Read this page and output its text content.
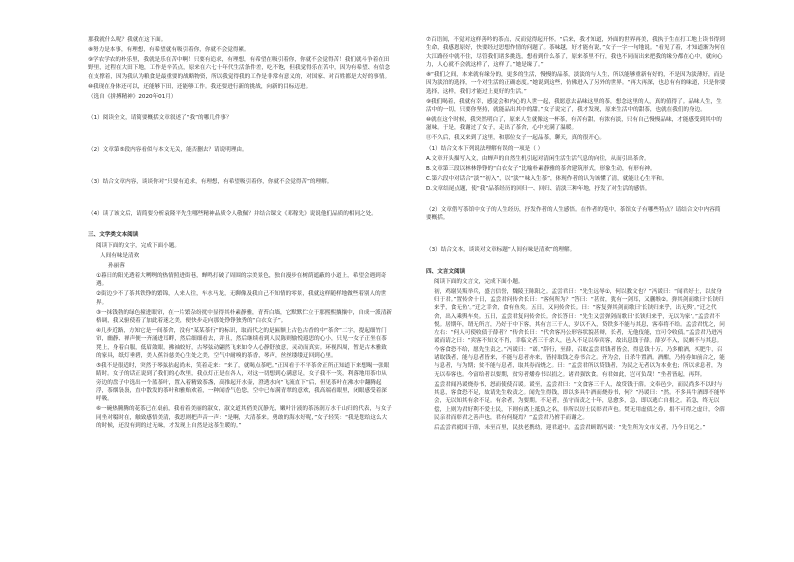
那我就什么呢？我就在这下面。

⑧努力是本事，有理想，有希望就有吸引着你，你就不会觉得累。

⑨学农学农的朴乐里，我就是乐在苦中啊！只要有追求，有理想，有希望在吸引着你，你就不会觉得苦！我们就斗争着在田野里，过程在大田下地，工作是辛苦点，原来在六七十年代生活条件差，吃不饱，但我觉得乐在苦中，因为有希望、有信念在支撑着，因为我认为粮食是最重要的战略物资，所以我觉得我的工作是非常有意义的，对国家、对百姓都是大好的事情。

⑩我现在身体还可以，还能够下田，还能够工作。我还要进行新的挑战，向新的目标迈进。

（选自《拼搏精神》2020年01月）

（1）阅读全文，请简要概括文章叙述了“我”的哪几件事？

（2）文章第⑤段内容看似与本文无关，能否删去？请说明理由。

（3）结合文章内容，谈谈你对“只要有追求，有理想，有希望吸引着你，你就不会觉得苦”的理解。

（4）读了该文后，请简要分析袁隆平先生哪些精神品质令人敬佩？并结合课文《邓稼先》说说他们品质的相同之处。

三、文学类文本阅读

阅读下面的文字，完成下面小题。

人间有味是清欢

孙丽蓉

①暮日的阳光透着大咧咧的热情照进街巷，蝉鸣打破了周围的宗美景色，独自漫步在树荫遮蔽的小道上，希望会遇到奇遇。

②街边少不了茶其铁铮的繁锦，人来人往，车水马龙，无聊像及我自己不知情的零景，我就这样随样地做些着别人的世界。

③一抹钱勃的绿色撞进眼帘，在一片繁杂纷扰中显得其朴素静雅，青苔白墙，它默默伫立于那熙熙攘攘中，自成一派清新格调，我又驱使着了加此着迷之美，便快步走向那处铮铮独秀的“白衣女子”。

④几步近路，方知它是一间茶舍，没有“某某茶行”的标识，取而代之的是匾额上古色古香的中“茶舍”二字，提起细竹门帘，幽静、禅声便一齐涌进耳畔，然后细细看去，并且，然后继续看到人民陈则愉悦遐思的心小，只见一女子正坐在茶凳上，身着白服，低眉敛眼，拂袖姣好，古琴弦动翩然飞来如令人心静舒放意，灵动而真实。环视四周，暂是古木雅致的家具，纸灯垂碧，美人蕉谷慈美心生处之美，空气中耐嗅的茶香，琴声，丝丝缕缕迂回到心里。

⑤我不是很适时，突然于琴弦拈起尚未，笑着走来：“来了，就喝点茶吧。”正因看于不平茶舍正所正知道下来想喝一张眼睛时。女子的话正说到了我们的心坎里，我点灯正是在各人，对这一切想到心满意足，女子我不一笑，利落地用茶巾从旁边的盘子中选出一个蓝茶叶，置入着精致茶盏，高推起开水壶，澄透水向“飞流直下”后，但见茶叶在沸水中翻腾起浮，茶烟袅袅，直中散发的茶叶和雅贻欢着，一种闻香气色您，空中已布满青翠的意欢，我高端看眼里，闭眼感受着深呼吸。

⑥一碗热腾腾的花茶已在桌前，我看着美丽的淑女，淑文道其俏美沉静光，嫩叶汁液的茶汤润万水千山归的代表，与女子同坐对啜时在，触致感悟美清，我思则把声音一声：“是啊，大清茶来。勇敢的海水好呢，”女子轻笑：“我是您给这么大的时候，还没有到的过无味，才发现上自然是这茶生暖的。”

⑦百语间，不觉对这样善吟的茶点，反而觉得起开怀。“后来，我才知道，外面的世界再美，我执于生在打工地上读书得到生命，我感恩原好，快要经过思想作情的问题了。茶味越，好才能有说，”女子一字一句地说。“看见了着，才知道渐为何在大江路径中就不住，尽管我们诸多挑选，想看到什么茶了，原来茶里不行，我也不同而出来把我的缘分都在心中，就向心力，人心就不会就这样了，这样了。”她是缘了。”

⑧“我们之间，本来就有缘分的，更多的生活，慢慢的品茶，淡淡的与人生，所以能够重新有好的，不是因为淡薄好，而是因为淡泊的选择，一个对生活的正确态度。”她说到这些，仿佛进入了另外的世界。“再大再深，也总有有的味道，只是你要选择，这样，我们才能过上更好的生活。”

⑨我们喝着，我就有幸，感觉会和内心的人世一起，我愿意去品味这里的茶，想念这里的人，真的值得了。品味人生，生活中的一切，只要你坚持，就能品出其中的甜。”女子说完了，我才发现，原来生活中的甜茶，也就在我们的身边。

⑩就在这个时候，我突然明白了，原来人生就像这一杯茶，有苦有甜，有浓有淡，只有自己慢慢品味，才能感受到其中的滋味。于是，我谢过了女子，走出了茶舍，心中充满了温暖。

⑪不久后，我又来到了这里，和那位女子一起品茶，聊天，真的很开心。

（1）结合文本下列说法理解有误的一项是（ ）

A.文章开头描写入文，由蝉声的自然生机引起对清闲生活生活气息的向往，从而引出茶舍。

B.文章第三段以林林铮铮的“白衣女子”比喻朴素静雅的茶舍建筑形式，形象生动，有形有神。

C.第六段中对话合“淡”“初入”，以“淡”“味入生茶”，体现作者的认为该懂了清，就能让心生平和。

D.文章结尾点题，使“我”品茶经历的回归一、回归、清淡三种年地，抒发了对生活的感悟。

（2）文章借写茶馆中女子的人生经历，抒发作者的人生感悟。在作者的笔中，茶馆女子有哪些特点？请结合文中内容简要概括。

（3）结合文本，谈谈对文章标题“人间有味是清欢”的理解。

四、文言文阅读

阅读下面的文言文，完成下面小题。

初，鸡谢吴叛举兵，盛言信誉，魏陵王陈阳之。孟尝君曰：“先生远辱①，何以教文也？”冯谖曰：“闻君好士，以贫身归于君。”置传舍十日，孟尝君问传舍长曰：“客何所为？”答曰：“甚贫，犹有一剑耳，又蒯缑②。弹其剑而歌曰‘长铗归来乎，食无鱼’。”迁之幸舍，食有鱼矣。五日，又问传舍长。曰：“客复弹其剑而歌曰‘长铗归来乎，出无舆’。”迁之代舍，出入乘舆车矣。五日，孟尝君复问传舍长。舍长答曰：“先生又尝弹剑而歌曰‘长铗归来乎，无以为家’。”孟尝君不悦。居期年，谓无所言，乃好于中下客，其有言三千人，岁以不入，贷铁多不能与其息，客奉将不给。孟尝君忧之，问左右：“何人可使收债于薛者？”传舍长曰：“代舍客冯公形容状貌甚辩，长者，无他伎能，宜可令收债。”孟尝君乃进冯谖而请之曰：“宾客不知文不肖，幸临文者三千余人，邑入不足以奉宾客，故出息钱于薛。薛岁不入，民颇不与其息。今客食恐不给，愿先生责之。”冯谖曰：“诺。”辞行，至薛，召取孟尝君钱者皆会，得息钱十万。乃多酿酒，买肥牛，召诸取钱者，能与息者皆来，不能与息者亦来，皆持取钱之券书合之。齐为会，日杀牛置酒。酒酣，乃持券如前合之，能与息者，与为期；贫不能与息者，取其券而烧之。曰：“孟尝君所以贷钱者，为民之无者以为本业也；所以求息者，为无以奉客也。今富给者以要期，贫穷者燔券书以捐之。诸君强饮食。有君如此，岂可负哉！”坐者皆起，再拜。

孟尝君闻冯谖烧券书，怒而使使召谖。谖至，孟尝君曰：“文食客三千人，故贷钱于薛。文奉邑少，而民尚多不以时与其息，客食恐不足，故请先生收责之。闻先生得钱，即以多具牛酒而烧券书，何？”冯谖曰：“然。不多具牛酒即不能毕会，无以知其有余不足。有余者，为要期。不足者，虽守而责之十年，息愈多，急，即以逃亡自捐之。若急，终无以偿，上则为君好利不爱士民，下则有离上抵负之名，非所以厉士民彰君声也。焚无用虚债之券，捐不可得之虚计，令薛民亲君而彰君之善声也，君有何疑焉？”孟尝君乃拊手而谢之。

后孟尝君就国于薛，未至百里，民扶老携幼，迎君道中。孟尝君顾谓冯谖：“先生所为文市义者，乃今日见之。”
